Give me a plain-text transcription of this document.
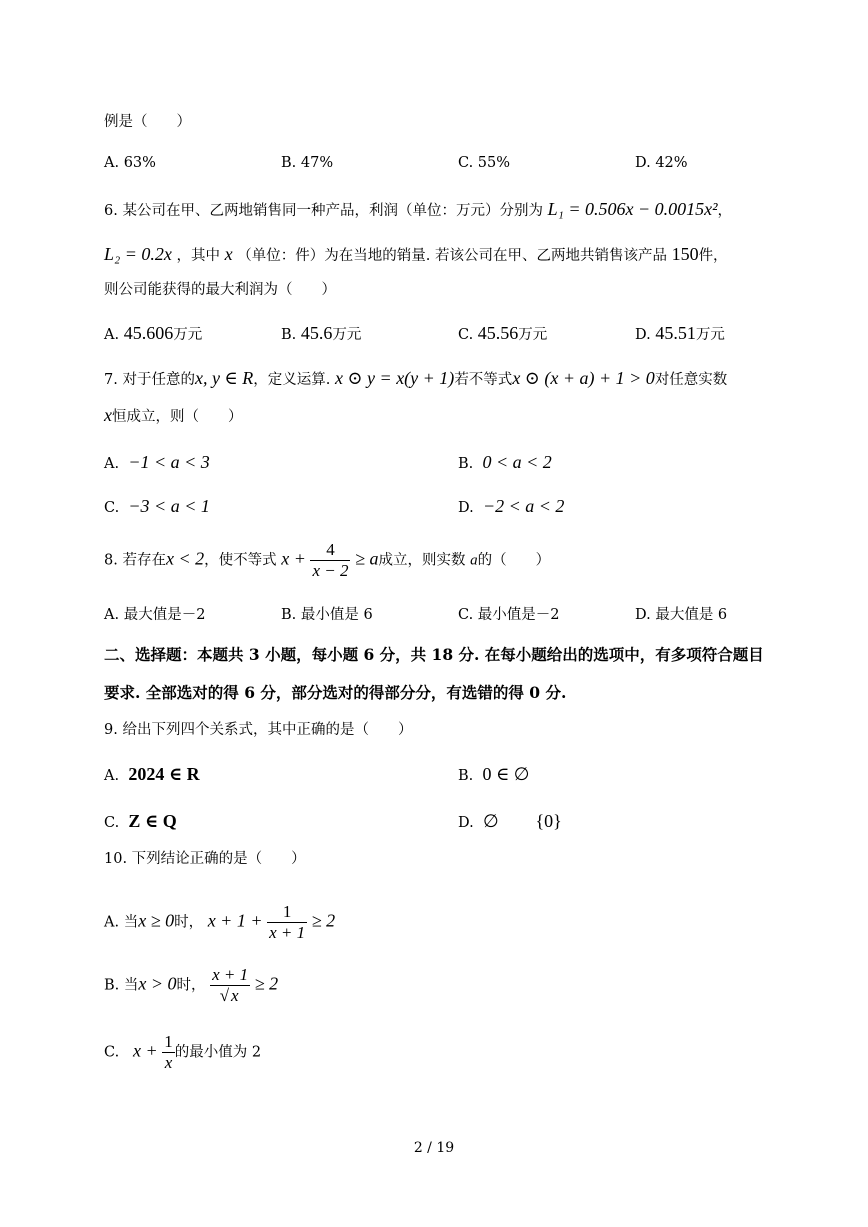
例是（　　）
A. 63%	B. 47%	C. 55%	D. 42%
6. 某公司在甲、乙两地销售同一种产品，利润（单位：万元）分别为 L₁ = 0.506x − 0.0015x²，
L₂ = 0.2x ，其中 x （单位：件）为在当地的销量. 若该公司在甲、乙两地共销售该产品 150件，
则公司能获得的最大利润为（　　）
A. 45.606万元	B. 45.6万元	C. 45.56万元	D. 45.51万元
7. 对于任意的x, y ∈ R，定义运算. x ⊙ y = x(y + 1)若不等式x ⊙ (x + a) + 1 > 0对任意实数
x恒成立，则（　　）
A. −1 < a < 3	B. 0 < a < 2
C. −3 < a < 1	D. −2 < a < 2
8. 若存在x < 2，使不等式 $x + \frac{4}{x - 2} \ge a$成立，则实数 a的（　　）
A. 最大值是－2	B. 最小值是 6	C. 最小值是－2	D. 最大值是 6
二、选择题：本题共 3 小题，每小题 6 分，共 18 分. 在每小题给出的选项中，有多项符合题目
要求. 全部选对的得 6 分，部分选对的得部分分，有选错的得 0 分.
9. 给出下列四个关系式，其中正确的是（　　）
A. 2024 ∈ R	B. 0 ∈ ∅
C. Z ∈ Q	D. ∅ {0}
10. 下列结论正确的是（　　）
A. 当x ≥ 0时， $x + 1 + \frac{1}{x + 1} \ge 2$
B. 当x > 0时， $\frac{x + 1}{√ x} \ge 2$
C. $x + \frac{1}{x}$ 的最小值为 2
2 / 19
